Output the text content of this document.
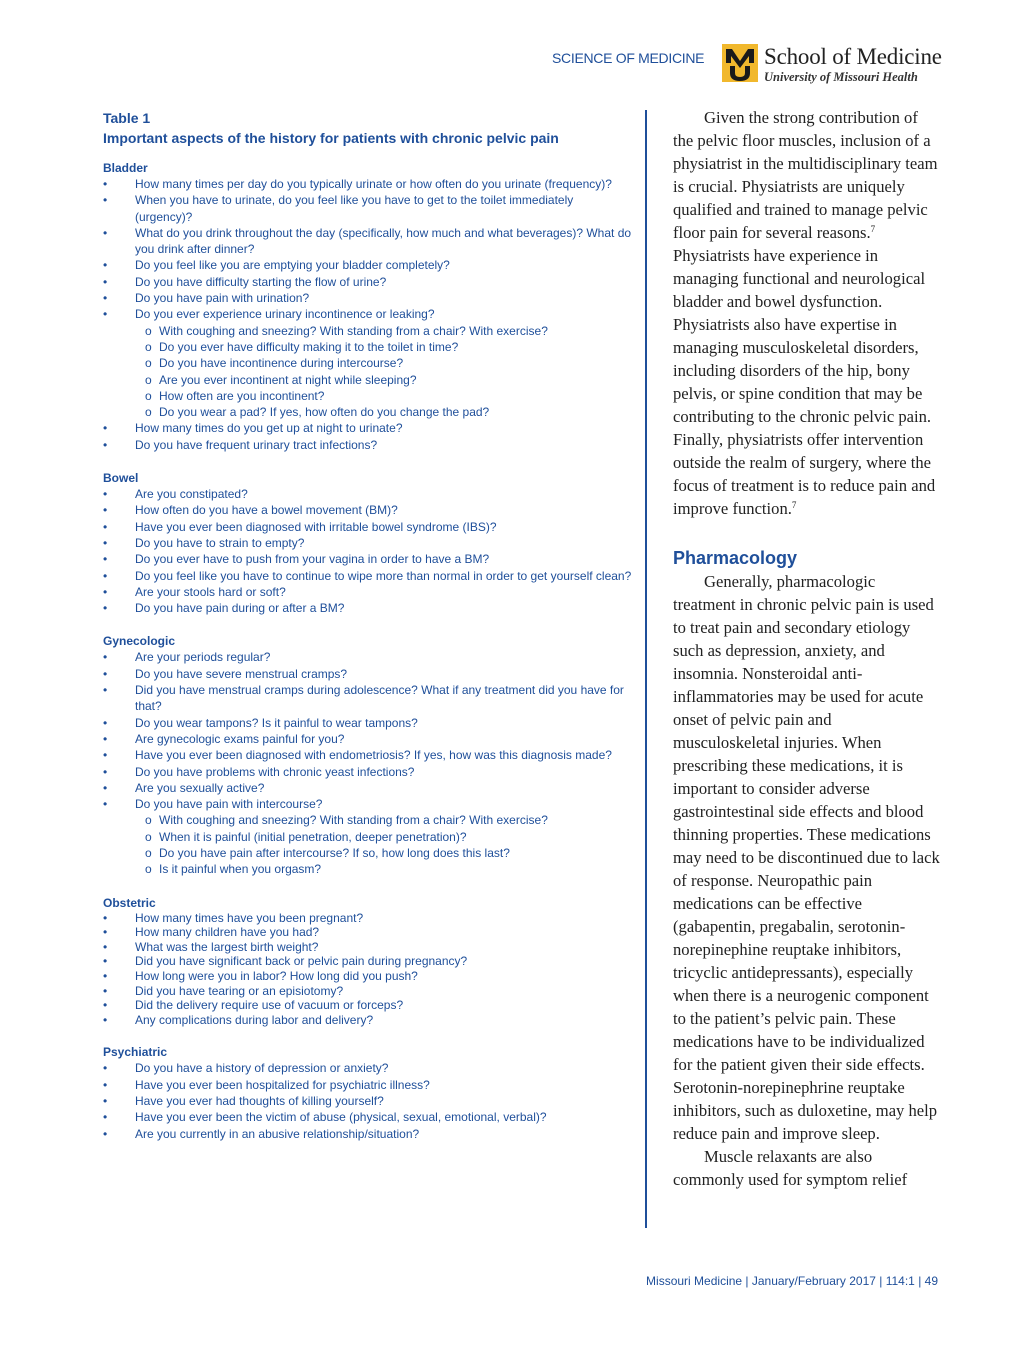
SCIENCE OF MEDICINE	School of Medicine
University of Missouri Health
Table 1
Important aspects of the history for patients with chronic pelvic pain
Bladder
• How many times per day do you typically urinate or how often do you urinate (frequency)?
• When you have to urinate, do you feel like you have to get to the toilet immediately (urgency)?
• What do you drink throughout the day (specifically, how much and what beverages)? What do you drink after dinner?
• Do you feel like you are emptying your bladder completely?
• Do you have difficulty starting the flow of urine?
• Do you have pain with urination?
• Do you ever experience urinary incontinence or leaking?
o With coughing and sneezing? With standing from a chair? With exercise?
o Do you ever have difficulty making it to the toilet in time?
o Do you have incontinence during intercourse?
o Are you ever incontinent at night while sleeping?
o How often are you incontinent?
o Do you wear a pad? If yes, how often do you change the pad?
• How many times do you get up at night to urinate?
• Do you have frequent urinary tract infections?
Bowel
• Are you constipated?
• How often do you have a bowel movement (BM)?
• Have you ever been diagnosed with irritable bowel syndrome (IBS)?
• Do you have to strain to empty?
• Do you ever have to push from your vagina in order to have a BM?
• Do you feel like you have to continue to wipe more than normal in order to get yourself clean?
• Are your stools hard or soft?
• Do you have pain during or after a BM?
Gynecologic
• Are your periods regular?
• Do you have severe menstrual cramps?
• Did you have menstrual cramps during adolescence? What if any treatment did you have for that?
• Do you wear tampons? Is it painful to wear tampons?
• Are gynecologic exams painful for you?
• Have you ever been diagnosed with endometriosis? If yes, how was this diagnosis made?
• Do you have problems with chronic yeast infections?
• Are you sexually active?
• Do you have pain with intercourse?
o With coughing and sneezing? With standing from a chair? With exercise?
o When it is painful (initial penetration, deeper penetration)?
o Do you have pain after intercourse? If so, how long does this last?
o Is it painful when you orgasm?
Obstetric
• How many times have you been pregnant?
• How many children have you had?
• What was the largest birth weight?
• Did you have significant back or pelvic pain during pregnancy?
• How long were you in labor? How long did you push?
• Did you have tearing or an episiotomy?
• Did the delivery require use of vacuum or forceps?
• Any complications during labor and delivery?
Psychiatric
• Do you have a history of depression or anxiety?
• Have you ever been hospitalized for psychiatric illness?
• Have you ever had thoughts of killing yourself?
• Have you ever been the victim of abuse (physical, sexual, emotional, verbal)?
• Are you currently in an abusive relationship/situation?

Given the strong contribution of the pelvic floor muscles, inclusion of a physiatrist in the multidisciplinary team is crucial. Physiatrists are uniquely qualified and trained to manage pelvic floor pain for several reasons.$^7$ Physiatrists have experience in managing functional and neurological bladder and bowel dysfunction. Physiatrists also have expertise in managing musculoskeletal disorders, including disorders of the hip, bony pelvis, or spine condition that may be contributing to the chronic pelvic pain. Finally, physiatrists offer intervention outside the realm of surgery, where the focus of treatment is to reduce pain and improve function.$^7$

Pharmacology

Generally, pharmacologic treatment in chronic pelvic pain is used to treat pain and secondary etiology such as depression, anxiety, and insomnia. Nonsteroidal anti-inflammatories may be used for acute onset of pelvic pain and musculoskeletal injuries. When prescribing these medications, it is important to consider adverse gastrointestinal side effects and blood thinning properties. These medications may need to be discontinued due to lack of response. Neuropathic pain medications can be effective (gabapentin, pregabalin, serotonin-norepinephine reuptake inhibitors, tricyclic antidepressants), especially when there is a neurogenic component to the patient’s pelvic pain. These medications have to be individualized for the patient given their side effects. Serotonin-norepinephrine reuptake inhibitors, such as duloxetine, may help reduce pain and improve sleep.

Muscle relaxants are also commonly used for symptom relief

Missouri Medicine | January/February 2017 | 114:1 | 49
